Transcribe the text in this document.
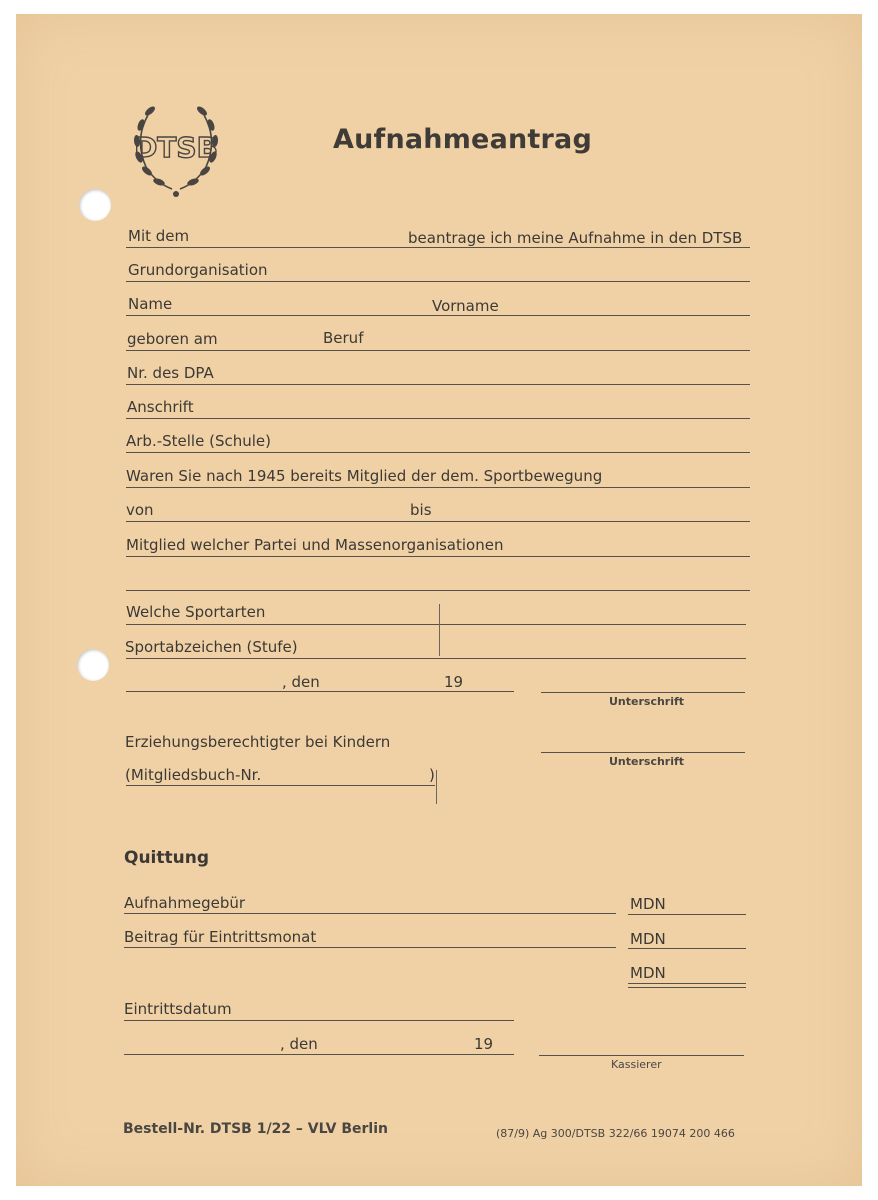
DTSB	Aufnahmeantrag
Mit dem	beantrage ich meine Aufnahme in den DTSB
Grundorganisation
Name	Vorname
geboren am	Beruf
Nr. des DPA
Anschrift
Arb.-Stelle (Schule)
Waren Sie nach 1945 bereits Mitglied der dem. Sportbewegung
von	bis
Mitglied welcher Partei und Massenorganisationen
Welche Sportarten
Sportabzeichen (Stufe)
, den	19
Unterschrift
Erziehungsberechtigter bei Kindern
Unterschrift
(Mitgliedsbuch-Nr.	)
Quittung
Aufnahmegebür	MDN
Beitrag für Eintrittsmonat	MDN
MDN
Eintrittsdatum
, den	19
Kassierer
Bestell-Nr. DTSB 1/22 – VLV Berlin	(87/9) Ag 300/DTSB 322/66 19074 200 466
